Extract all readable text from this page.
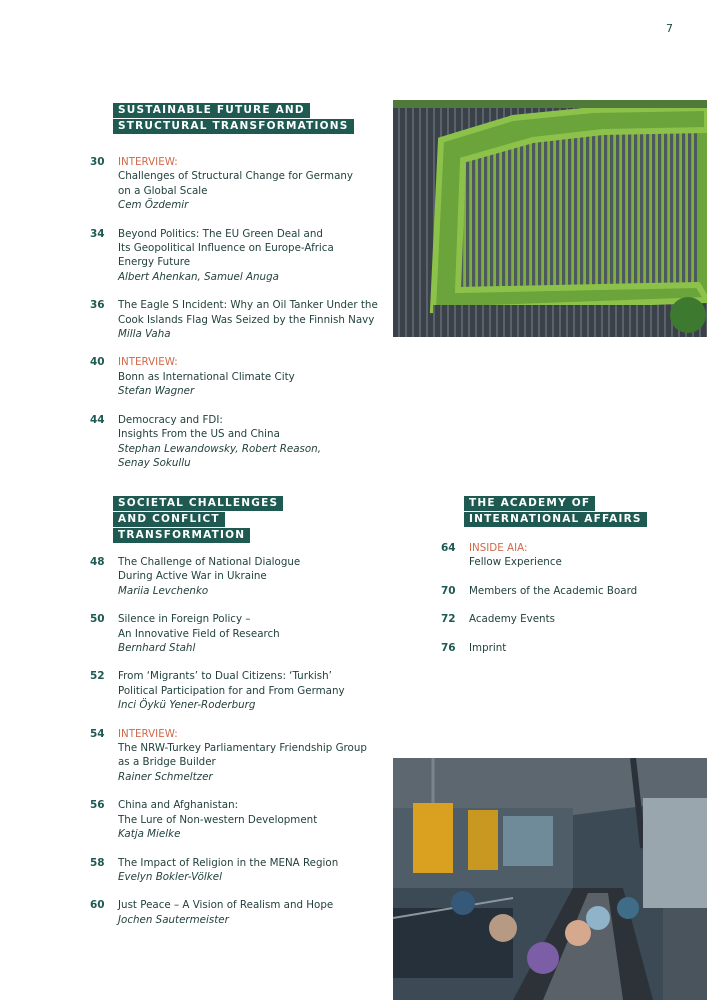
7
SUSTAINABLE FUTURE AND
STRUCTURAL TRANSFORMATIONS
30 INTERVIEW:
Challenges of Structural Change for Germany
on a Global Scale
Cem Özdemir
34 Beyond Politics: The EU Green Deal and
Its Geopolitical Influence on Europe-Africa
Energy Future
Albert Ahenkan, Samuel Anuga
36 The Eagle S Incident: Why an Oil Tanker Under the
Cook Islands Flag Was Seized by the Finnish Navy
Milla Vaha
40 INTERVIEW:
Bonn as International Climate City
Stefan Wagner
44 Democracy and FDI:
Insights From the US and China
Stephan Lewandowsky, Robert Reason,
Senay Sokullu
SOCIETAL CHALLENGES
AND CONFLICT
TRANSFORMATION
48 The Challenge of National Dialogue
During Active War in Ukraine
Mariia Levchenko
50 Silence in Foreign Policy –
An Innovative Field of Research
Bernhard Stahl
52 From ‘Migrants’ to Dual Citizens: ‘Turkish’
Political Participation for and From Germany
Inci Öykü Yener-Roderburg
54 INTERVIEW:
The NRW-Turkey Parliamentary Friendship Group
as a Bridge Builder
Rainer Schmeltzer
56 China and Afghanistan:
The Lure of Non-western Development
Katja Mielke
58 The Impact of Religion in the MENA Region
Evelyn Bokler-Völkel
60 Just Peace – A Vision of Realism and Hope
Jochen Sautermeister
THE ACADEMY OF
INTERNATIONAL AFFAIRS
64 INSIDE AIA:
Fellow Experience
70 Members of the Academic Board
72 Academy Events
76 Imprint
